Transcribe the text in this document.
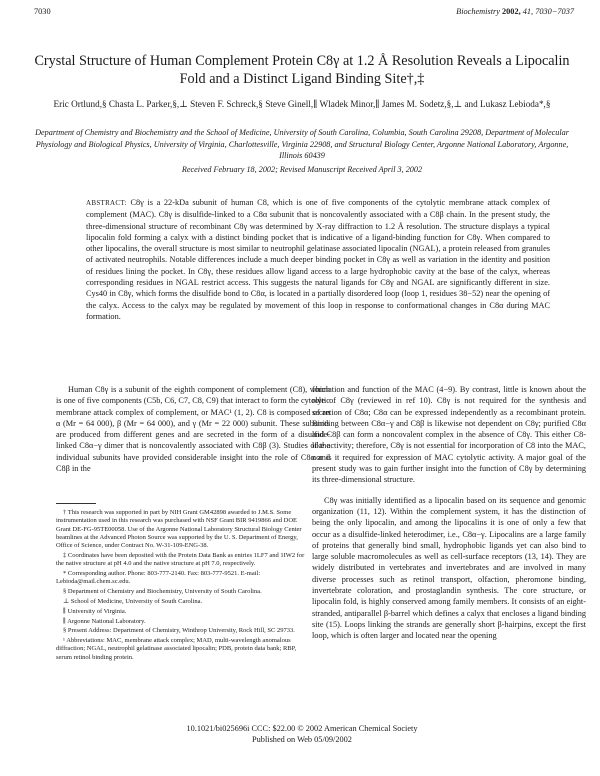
7030	Biochemistry 2002, 41, 7030−7037
Crystal Structure of Human Complement Protein C8γ at 1.2 Å Resolution Reveals a Lipocalin Fold and a Distinct Ligand Binding Site†,‡
Eric Ortlund,§ Chasta L. Parker,§,⊥ Steven F. Schreck,§ Steve Ginell,∥ Wladek Minor,∥ James M. Sodetz,§,⊥ and Lukasz Lebioda*,§
Department of Chemistry and Biochemistry and the School of Medicine, University of South Carolina, Columbia, South Carolina 29208, Department of Molecular Physiology and Biological Physics, University of Virginia, Charlottesville, Virginia 22908, and Structural Biology Center, Argonne National Laboratory, Argonne, Illinois 60439
Received February 18, 2002; Revised Manuscript Received April 3, 2002
ABSTRACT: C8γ is a 22-kDa subunit of human C8, which is one of five components of the cytolytic membrane attack complex of complement (MAC). C8γ is disulfide-linked to a C8α subunit that is noncovalently associated with a C8β chain. In the present study, the three-dimensional structure of recombinant C8γ was determined by X-ray diffraction to 1.2 Å resolution. The structure displays a typical lipocalin fold forming a calyx with a distinct binding pocket that is indicative of a ligand-binding function for C8γ. When compared to other lipocalins, the overall structure is most similar to neutrophil gelatinase associated lipocalin (NGAL), a protein released from granules of activated neutrophils. Notable differences include a much deeper binding pocket in C8γ as well as variation in the identity and position of residues lining the pocket. In C8γ, these residues allow ligand access to a large hydrophobic cavity at the base of the calyx, whereas corresponding residues in NGAL restrict access. This suggests the natural ligands for C8γ and NGAL are significantly different in size. Cys40 in C8γ, which forms the disulfide bond to C8α, is located in a partially disordered loop (loop 1, residues 38−52) near the opening of the calyx. Access to the calyx may be regulated by movement of this loop in response to conformational changes in C8α during MAC formation.

Human C8γ is a subunit of the eighth component of complement (C8), which is one of five components (C5b, C6, C7, C8, C9) that interact to form the cytolytic membrane attack complex of complement, or MAC¹ (1, 2). C8 is composed of an α (Mr = 64 000), β (Mr = 64 000), and γ (Mr = 22 000) subunit. These subunits are produced from different genes and are secreted in the form of a disulfide-linked C8α−γ dimer that is noncovalently associated with C8β (3). Studies of the individual subunits have provided considerable insight into the role of C8α and C8β in the

† This research was supported in part by NIH Grant GM42898 awarded to J.M.S. Some instrumentation used in this research was purchased with NSF Grant BIR 9419866 and DOE Grant DE-FG-95TE00058. Use of the Argonne National Laboratory Structural Biology Center beamlines at the Advanced Photon Source was supported by the U. S. Department of Energy, Office of Science, under Contract No. W-31-109-ENG-38.

‡ Coordinates have been deposited with the Protein Data Bank as entries 1LF7 and 1IW2 for the native structure at pH 4.0 and the native structure at pH 7.0, respectively.

* Corresponding author. Phone: 803-777-2140. Fax: 803-777-9521. E-mail: Lebioda@mail.chem.sc.edu.

§ Department of Chemistry and Biochemistry, University of South Carolina.

⊥ School of Medicine, University of South Carolina.

∥ University of Virginia.

∥ Argonne National Laboratory.

§ Present Address: Department of Chemistry, Winthrop University, Rock Hill, SC 29733.

¹ Abbreviations: MAC, membrane attack complex; MAD, multi-wavelength anomalous diffraction; NGAL, neutrophil gelatinase associated lipocalin; PDB, protein data bank; RBP, serum retinol binding protein.

formation and function of the MAC (4−9). By contrast, little is known about the role of C8γ (reviewed in ref 10). C8γ is not required for the synthesis and secretion of C8α; C8α can be expressed independently as a recombinant protein. Binding between C8α−γ and C8β is likewise not dependent on C8γ; purified C8α and C8β can form a noncovalent complex in the absence of C8γ. This either C8-like activity; therefore, C8γ is not essential for incorporation of C8 into the MAC, nor is it required for expression of MAC cytolytic activity. A major goal of the present study was to gain further insight into the function of C8γ by determining its three-dimensional structure.

C8γ was initially identified as a lipocalin based on its sequence and genomic organization (11, 12). Within the complement system, it has the distinction of being the only lipocalin, and among the lipocalins it is one of only a few that occur as a disulfide-linked heterodimer, i.e., C8α−γ. Lipocalins are a large family of proteins that generally bind small, hydrophobic ligands yet can also bind to large soluble macromolecules as well as cell-surface receptors (13, 14). They are widely distributed in vertebrates and invertebrates and are involved in many diverse processes such as retinol transport, olfaction, pheromone binding, invertebrate coloration, and prostaglandin synthesis. The core structure, or lipocalin fold, is highly conserved among family members. It consists of an eight-stranded, antiparallel β-barrel which defines a calyx that encloses a ligand binding site (15). Loops linking the strands are generally short β-hairpins, except the first loop, which is often larger and located near the opening

10.1021/bi025696i CCC: $22.00 © 2002 American Chemical Society
Published on Web 05/09/2002
